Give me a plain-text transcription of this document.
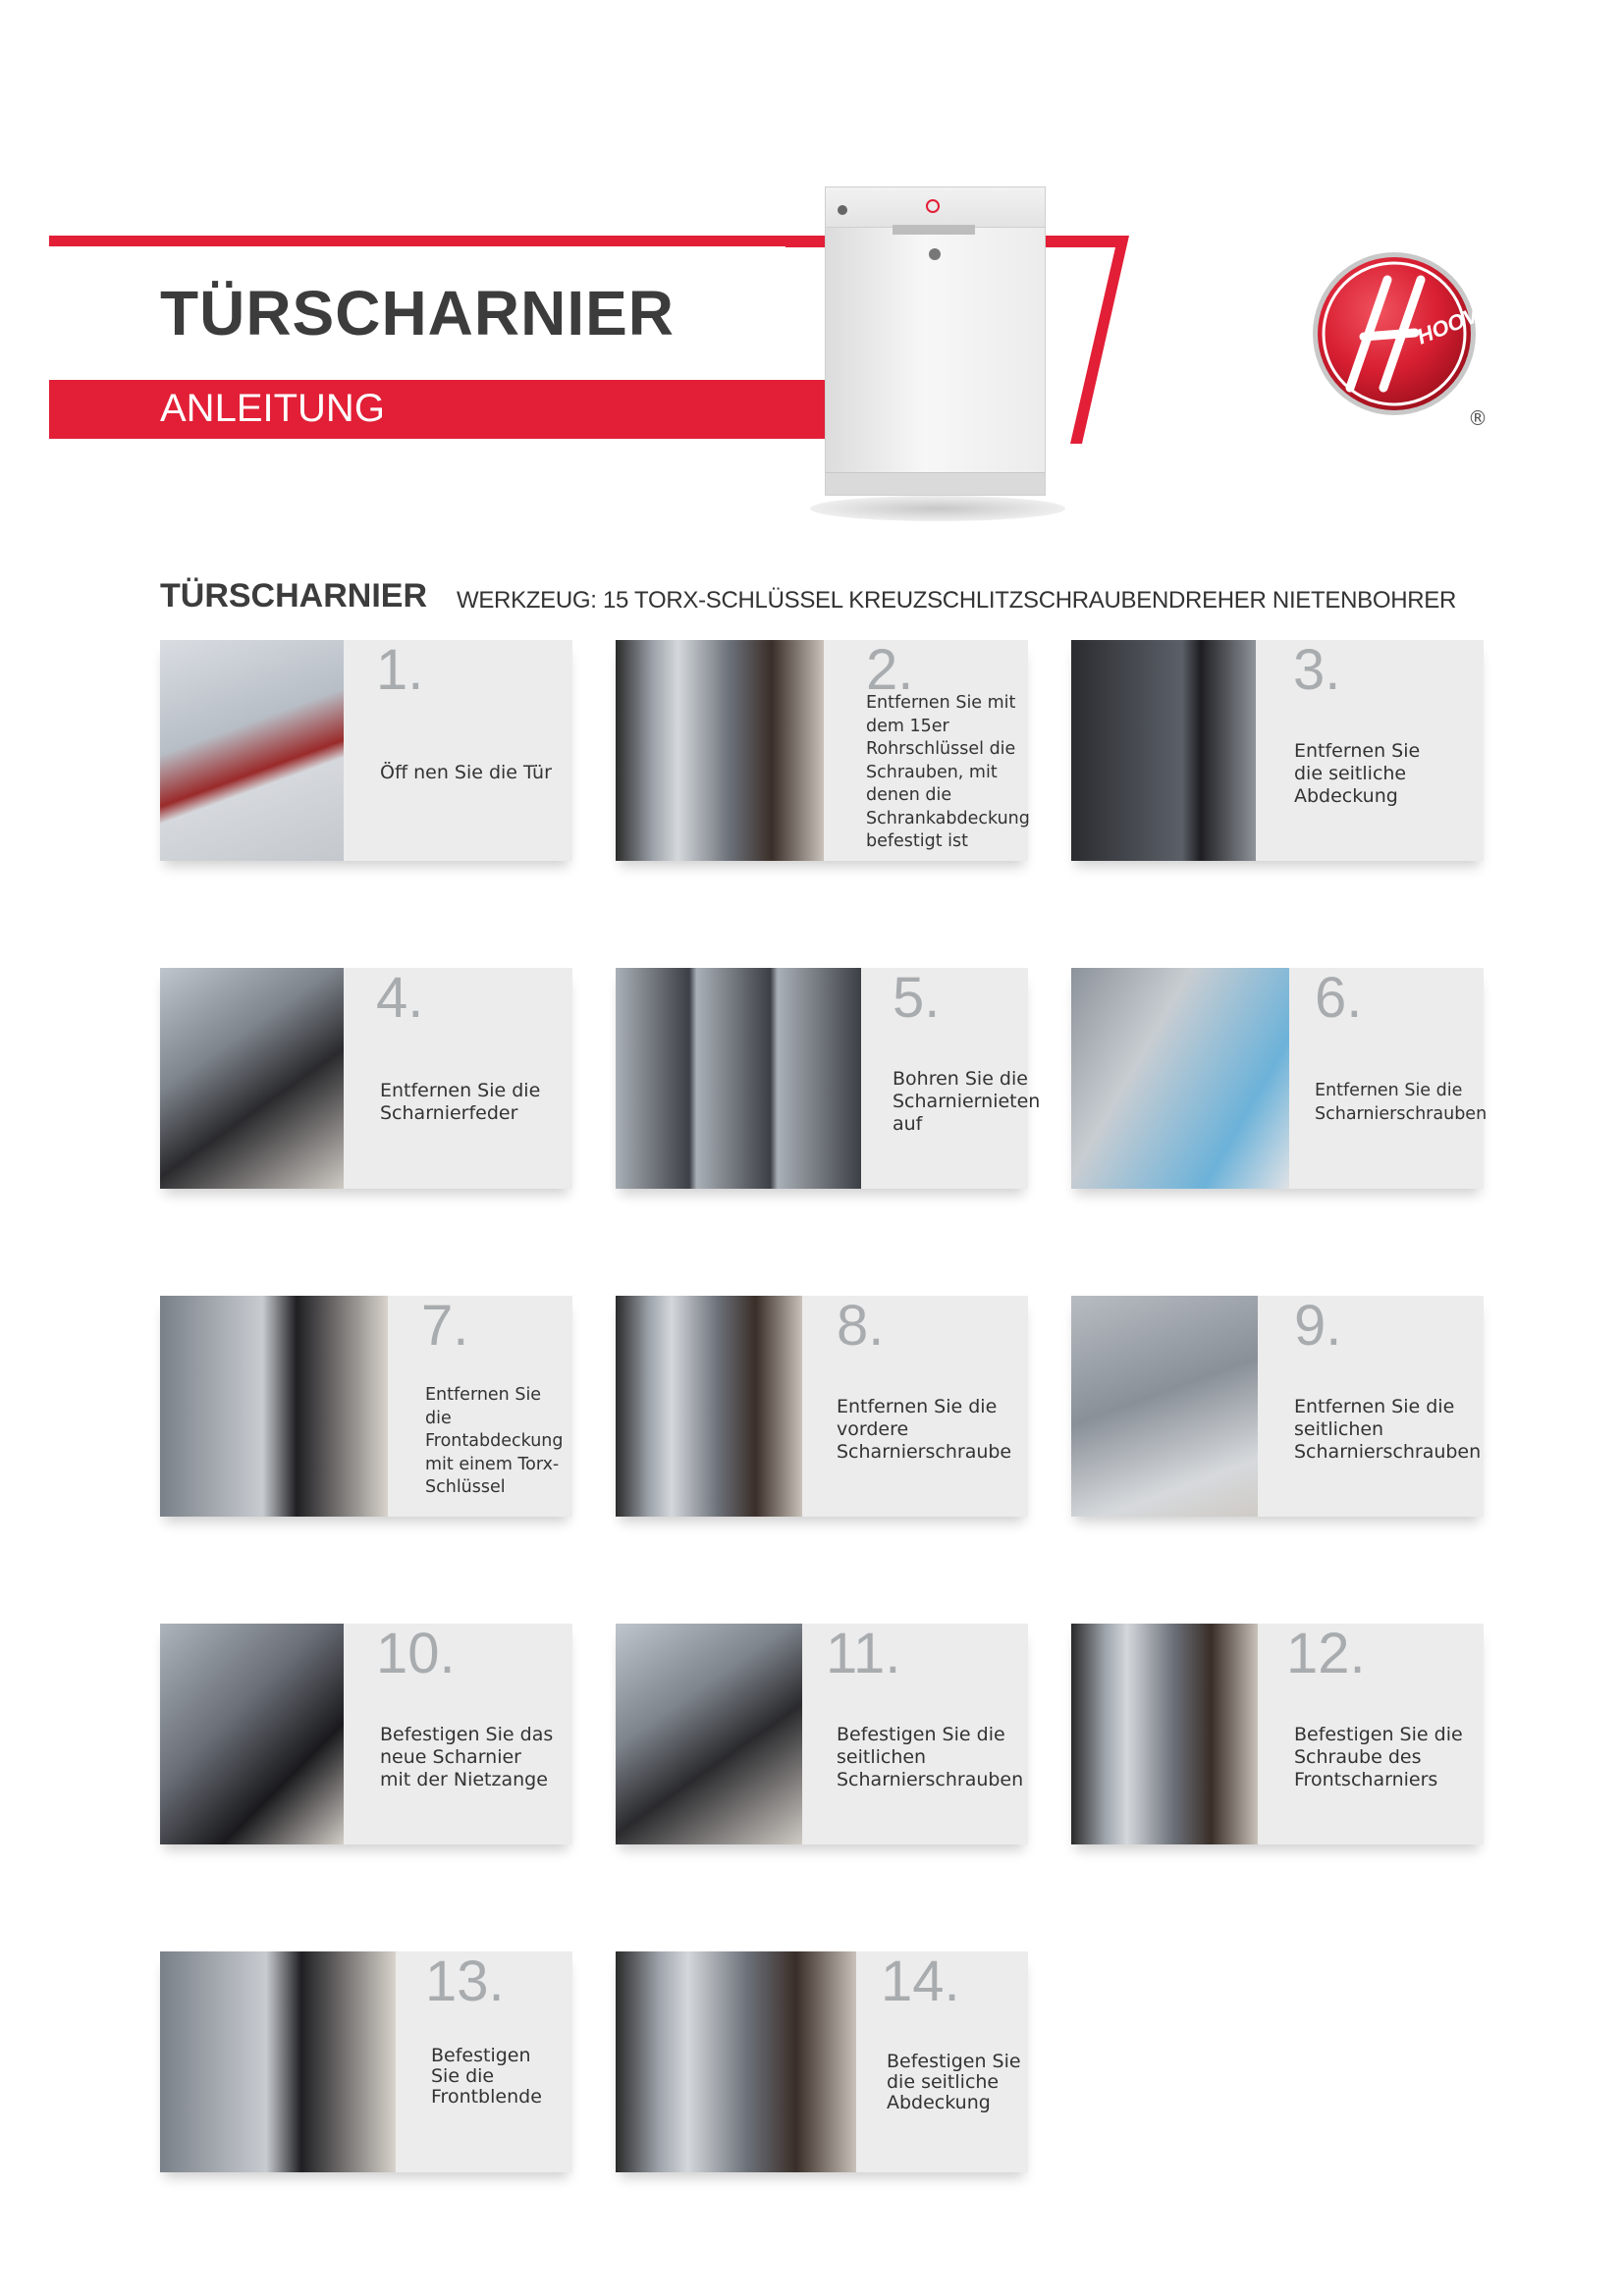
TÜRSCHARNIER
ANLEITUNG
HOOVER
®
TÜRSCHARNIER WERKZEUG: 15 TORX-SCHLÜSSEL KREUZSCHLITZSCHRAUBENDREHER NIETENBOHRER
1.
Öff nen Sie die Tür
2.
Entfernen Sie mit dem 15er Rohrschlüssel die Schrauben, mit denen die Schrankabdeckung befestigt ist
3.
Entfernen Sie die seitliche Abdeckung
4.
Entfernen Sie die Scharnierfeder
5.
Bohren Sie die Scharniernieten auf
6.
Entfernen Sie die Scharnierschrauben
7.
Entfernen Sie die Frontabdeckung mit einem Torx-Schlüssel
8.
Entfernen Sie die vordere Scharnierschraube
9.
Entfernen Sie die seitlichen Scharnierschrauben
10.
Befestigen Sie das neue Scharnier mit der Nietzange
11.
Befestigen Sie die seitlichen Scharnierschrauben
12.
Befestigen Sie die Schraube des Frontscharniers
13.
Befestigen Sie die Frontblende
14.
Befestigen Sie die seitliche Abdeckung
